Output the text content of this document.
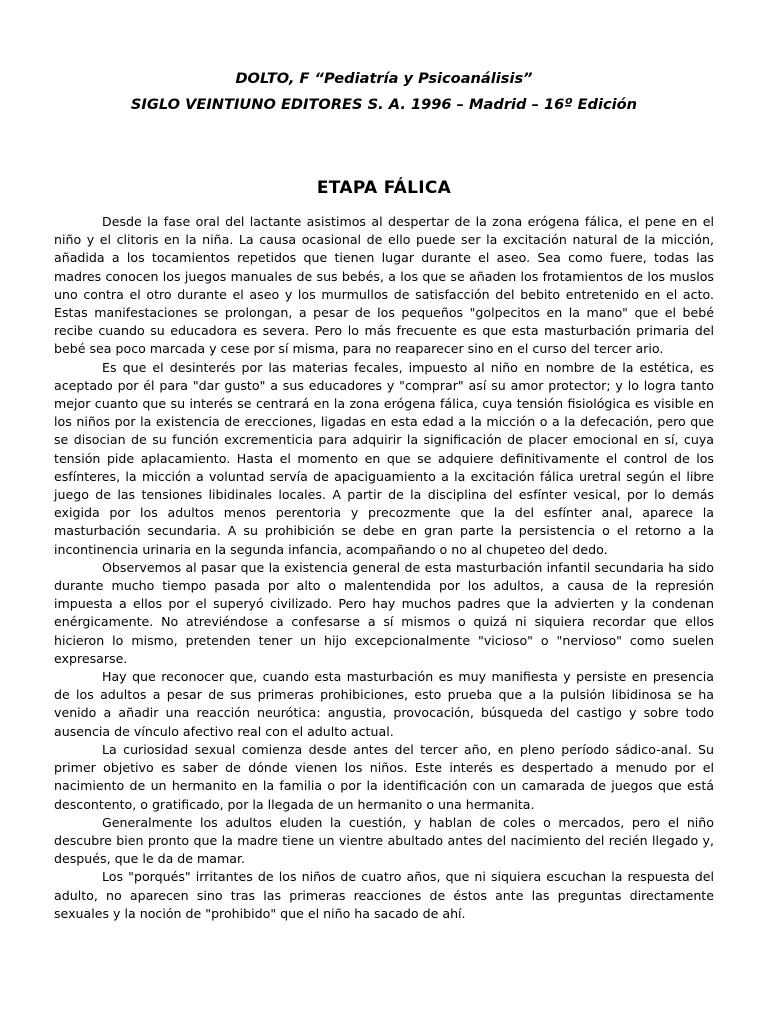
DOLTO, F “Pediatría y Psicoanálisis”

SIGLO VEINTIUNO EDITORES S. A. 1996 – Madrid – 16º Edición

ETAPA FÁLICA

Desde la fase oral del lactante asistimos al despertar de la zona erógena fálica, el pene en el niño y el clitoris en la niña. La causa ocasional de ello puede ser la excitación natural de la micción, añadida a los tocamientos repetidos que tienen lugar durante el aseo. Sea como fuere, todas las madres conocen los juegos manuales de sus bebés, a los que se añaden los frotamientos de los muslos uno contra el otro durante el aseo y los murmullos de satisfacción del bebito entretenido en el acto. Estas manifestaciones se prolongan, a pesar de los pequeños "golpecitos en la mano" que el bebé recibe cuando su educadora es severa. Pero lo más frecuente es que esta masturbación primaria del bebé sea poco marcada y cese por sí misma, para no reaparecer sino en el curso del tercer ario.

Es que el desinterés por las materias fecales, impuesto al niño en nombre de la estética, es aceptado por él para "dar gusto" a sus educadores y "comprar" así su amor protector; y lo logra tanto mejor cuanto que su interés se centrará en la zona erógena fálica, cuya tensión fisiológica es visible en los niños por la existencia de erecciones, ligadas en esta edad a la micción o a la defecación, pero que se disocian de su función excrementicia para adquirir la significación de placer emocional en sí, cuya tensión pide aplacamiento. Hasta el momento en que se adquiere definitivamente el control de los esfínteres, la micción a voluntad servía de apaciguamiento a la excitación fálica uretral según el libre juego de las tensiones libidinales locales. A partir de la disciplina del esfínter vesical, por lo demás exigida por los adultos menos perentoria y precozmente que la del esfínter anal, aparece la masturbación secundaria. A su prohibición se debe en gran parte la persistencia o el retorno a la incontinencia urinaria en la segunda infancia, acompañando o no al chupeteo del dedo.

Observemos al pasar que la existencia general de esta masturbación infantil secundaria ha sido durante mucho tiempo pasada por alto o malentendida por los adultos, a causa de la represión impuesta a ellos por el superyó civilizado. Pero hay muchos padres que la advierten y la condenan enérgicamente. No atreviéndose a confesarse a sí mismos o quizá ni siquiera recordar que ellos hicieron lo mismo, pretenden tener un hijo excepcionalmente "vicioso" o "nervioso" como suelen expresarse.

Hay que reconocer que, cuando esta masturbación es muy manifiesta y persiste en presencia de los adultos a pesar de sus primeras prohibiciones, esto prueba que a la pulsión libidinosa se ha venido a añadir una reacción neurótica: angustia, provocación, búsqueda del castigo y sobre todo ausencia de vínculo afectivo real con el adulto actual.

La curiosidad sexual comienza desde antes del tercer año, en pleno período sádico-anal. Su primer objetivo es saber de dónde vienen los niños. Este interés es despertado a menudo por el nacimiento de un hermanito en la familia o por la identificación con un camarada de juegos que está descontento, o gratificado, por la llegada de un hermanito o una hermanita.

Generalmente los adultos eluden la cuestión, y hablan de coles o mercados, pero el niño descubre bien pronto que la madre tiene un vientre abultado antes del nacimiento del recién llegado y, después, que le da de mamar.

Los "porqués" irritantes de los niños de cuatro años, que ni siquiera escuchan la respuesta del adulto, no aparecen sino tras las primeras reacciones de éstos ante las preguntas directamente sexuales y la noción de "prohibido" que el niño ha sacado de ahí.
